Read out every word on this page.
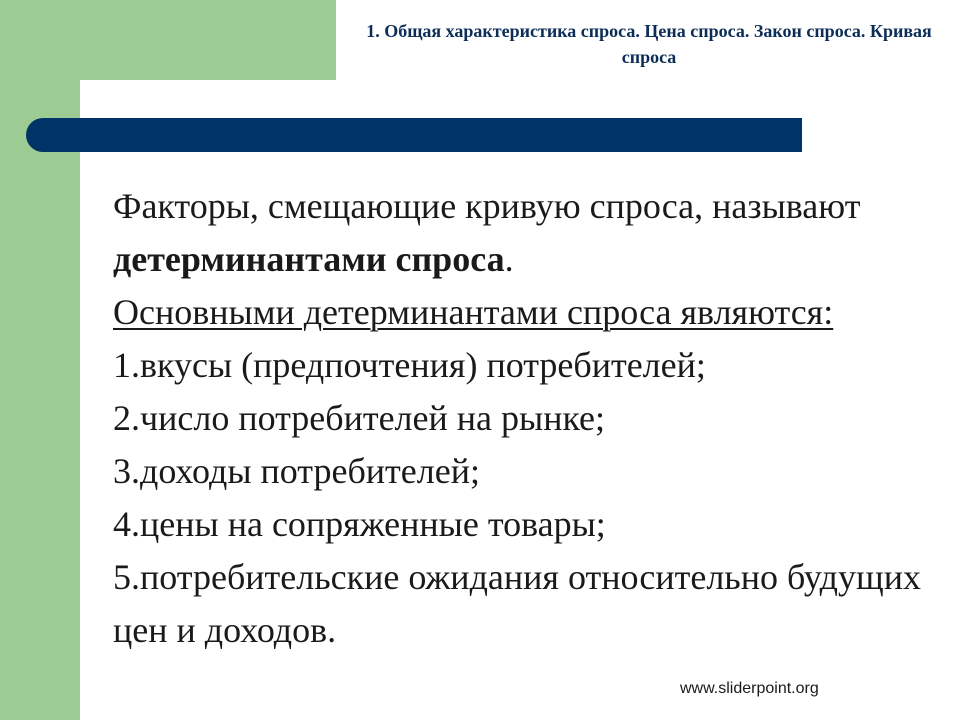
1. Общая характеристика спроса. Цена спроса. Закон спроса. Кривая спроса

Факторы, смещающие кривую спроса, называют детерминантами спроса.

Основными детерминантами спроса являются:

1.вкусы (предпочтения) потребителей;

2.число потребителей на рынке;

3.доходы потребителей;

4.цены на сопряженные товары;

5.потребительские ожидания относительно будущих цен и доходов.

www.sliderpoint.org
